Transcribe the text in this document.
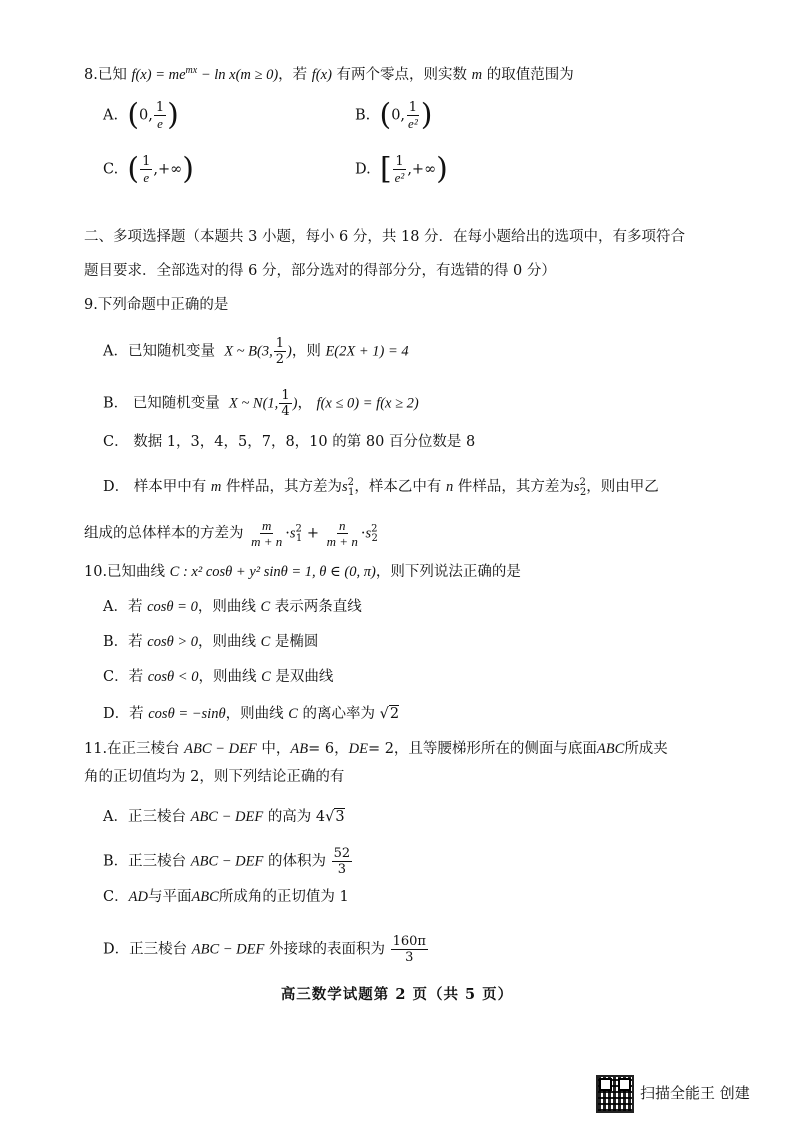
8.已知 $f(x) = me^{mx} - \ln x(m \ge 0)$，若 f(x) 有两个零点，则实数 m 的取值范围为
A. (0, $\frac{1}{e}$ )	B. (0, $\frac{1}{\text{e²}}$ )
C. ( $\frac{1}{e}$ ,+∞)	D. [ $\frac{1}{\text{e²}}$ ,+∞)
二、多项选择题（本题共 3 小题，每小 6 分，共 18 分．在每小题给出的选项中，有多项符合
题目要求．全部选对的得 6 分，部分选对的得部分分，有选错的得 0 分）
9.下列命题中正确的是
A．已知随机变量 X ~ B(3, $\frac{1}{2}$ )，则 E(2X + 1) = 4
B． 已知随机变量 X ~ N(1, $\frac{1}{4}$ )， f(x ≤ 0) = f(x ≥ 2)
C． 数据 1，3，4，5，7，8，10 的第 80 百分位数是 8
D． 样本甲中有 m 件样品，其方差为$s^2_1$，样本乙中有 n 件样品，其方差为$s^2_2$，则由甲乙
组成的总体样本的方差为 $\frac{m}{m + n} \cdot s^2_1 + \frac{n}{m + n} \cdot s^2_2$
10.已知曲线 C : x² cosθ + y² sinθ = 1, θ ∈ (0, π)，则下列说法正确的是
A．若 cosθ = 0，则曲线 C 表示两条直线
B．若 cosθ > 0，则曲线 C 是椭圆
C．若 cosθ < 0，则曲线 C 是双曲线
D．若 cosθ = −sinθ，则曲线 C 的离心率为 √2
11.在正三棱台 ABC − DEF 中，AB= 6，DE= 2，且等腰梯形所在的侧面与底面ABC所成夹
角的正切值均为 2，则下列结论正确的有
A．正三棱台 ABC − DEF 的高为 4√3
B．正三棱台 ABC − DEF 的体积为 $\frac{52}{3}$
C．AD与平面ABC所成角的正切值为 1
D．正三棱台 ABC − DEF 外接球的表面积为 $\frac{160\pi}{3}$
高三数学试题第 2 页（共 5 页）
扫描全能王 创建
